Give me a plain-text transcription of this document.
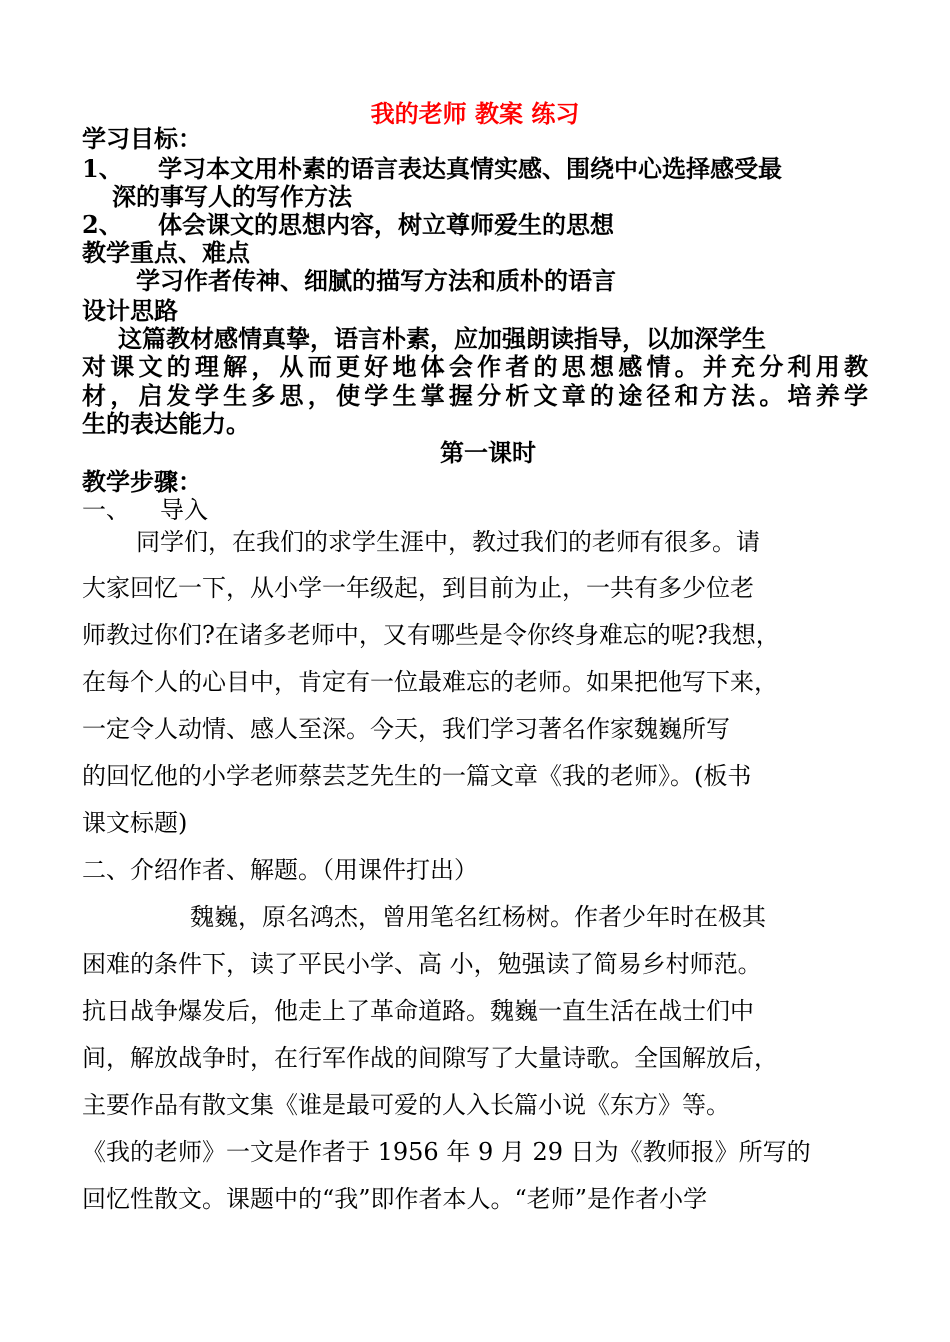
我的老师 教案 练习
学习目标：
1、 学习本文用朴素的语言表达真情实感、围绕中心选择感受最
深的事写人的写作方法
2、 体会课文的思想内容，树立尊师爱生的思想
教学重点、难点
学习作者传神、细腻的描写方法和质朴的语言
设计思路
这篇教材感情真挚，语言朴素，应加强朗读指导，以加深学生
对课文的理解，从而更好地体会作者的思想感情。并充分利用教
材，启发学生多思，使学生掌握分析文章的途径和方法。培养学
生的表达能力。
第一课时
教学步骤：
一、 导入
同学们，在我们的求学生涯中，教过我们的老师有很多。请
大家回忆一下，从小学一年级起，到目前为止，一共有多少位老
师教过你们?在诸多老师中，又有哪些是令你终身难忘的呢?我想，
在每个人的心目中，肯定有一位最难忘的老师。如果把他写下来，
一定令人动情、感人至深。今天，我们学习著名作家魏巍所写
的回忆他的小学老师蔡芸芝先生的一篇文章《我的老师》。(板书
课文标题)
二、介绍作者、解题。（用课件打出）
魏巍，原名鸿杰，曾用笔名红杨树。作者少年时在极其
困难的条件下，读了平民小学、高 小，勉强读了简易乡村师范。
抗日战争爆发后，他走上了革命道路。魏巍一直生活在战士们中
间，解放战争时，在行军作战的间隙写了大量诗歌。全国解放后，
主要作品有散文集《谁是最可爱的人入长篇小说《东方》等。
《我的老师》一文是作者于 1956 年 9 月 29 日为《教师报》所写的
回忆性散文。课题中的“我”即作者本人。“老师”是作者小学
